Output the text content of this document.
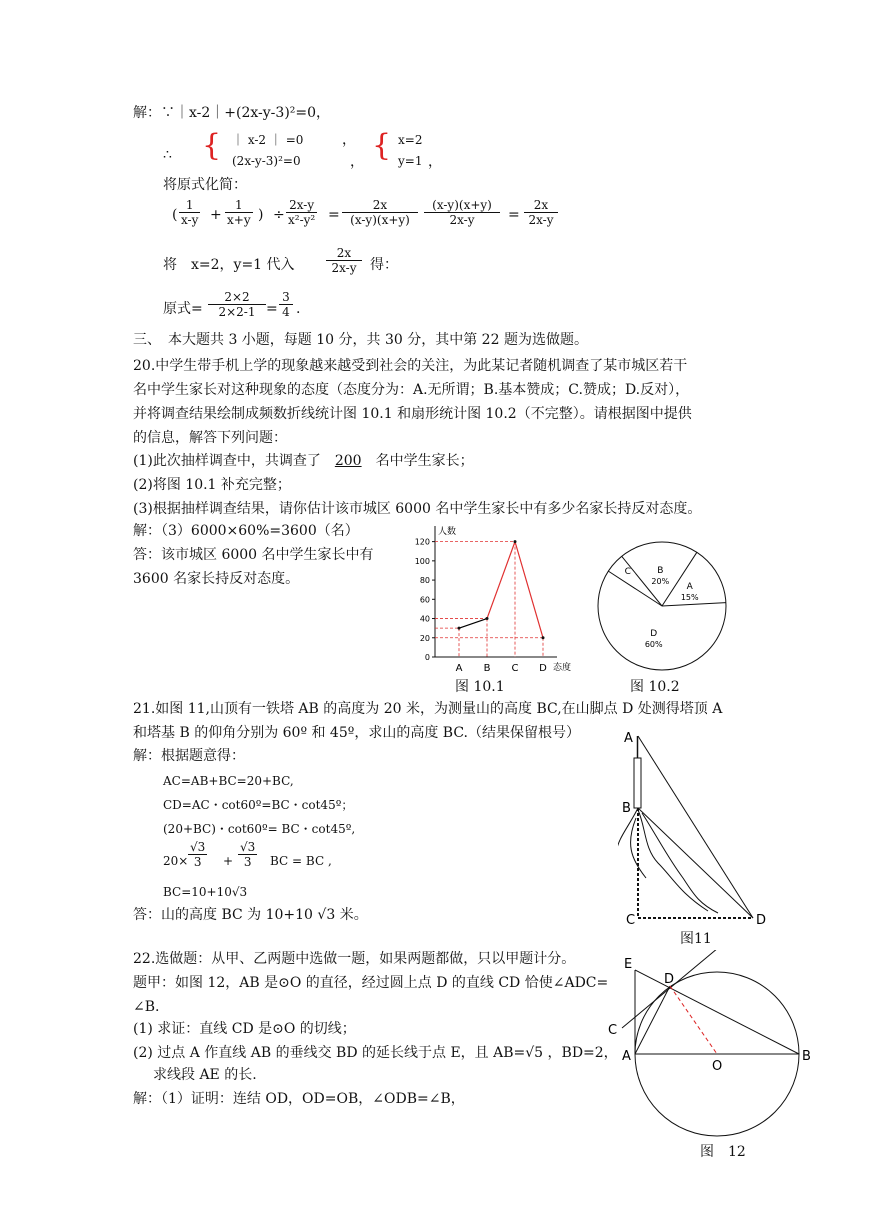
解：∵｜x-2｜+(2x-y-3)²=0，
∴ { ｜ x-2 ｜ =0
(2x-y-3)²=0
，
， { x=2
y=1 ，
将原式化简：
( $\frac{1}{x-y} + \frac{1}{x+y}$ ) ÷ $\frac{2x-y}{\text{x²-y²}} = \frac{2x}{(x-y)(x+y)} \frac{(x-y)(x+y)}{2x-y} = \frac{2x}{2x-y}$
将　x=2，y=1 代入	$\frac{2x}{2x-y}$ 得：
原式= $\frac{2\times 2}{2\times 2-1} = \frac{3}{4}$ .
三、　本大题共 3 小题，每题 10 分，共 30 分，其中第 22 题为选做题。
20.中学生带手机上学的现象越来越受到社会的关注，为此某记者随机调查了某市城区若干
名中学生家长对这种现象的态度（态度分为：A.无所谓；B.基本赞成；C.赞成；D.反对），
并将调查结果绘制成频数折线统计图 10.1 和扇形统计图 10.2（不完整）。请根据图中提供
的信息，解答下列问题：
(1)此次抽样调查中，共调查了 200 名中学生家长；
(2)将图 10.1 补充完整；
(3)根据抽样调查结果，请你估计该市城区 6000 名中学生家长中有多少名家长持反对态度。
解：（3）6000×60%=3600（名）
答：该市城区 6000 名中学生家长中有
3600 名家长持反对态度。
人数
态度
0
20
40
60
80
100
120
A B C D
图 10.1
A
15%
D
60%
C	B
20%
图 10.2
21.如图 11,山顶有一铁塔 AB 的高度为 20 米，为测量山的高度 BC,在山脚点 D 处测得塔顶 A
和塔基 B 的仰角分别为 60º 和 45º，求山的高度 BC.（结果保留根号）
解：根据题意得：
AC=AB+BC=20+BC,
CD=AC・cot60º=BC・cot45º；
(20+BC)・cot60º= BC・cot45º,
$20\times \frac{√3}{3} + \frac{√3}{3}$ BC = BC ,
BC=10+10√3
答：山的高度 BC 为 10+10 √3 米。
A
B
C	D
图11
22.选做题：从甲、乙两题中选做一题，如果两题都做，只以甲题计分。
题甲：如图 12，AB 是⊙O 的直径，经过圆上点 D 的直线 CD 恰使∠ADC=
∠B.
(1) 求证：直线 CD 是⊙O 的切线；
(2) 过点 A 作直线 AB 的垂线交 BD 的延长线于点 E，且 AB=√5 ，BD=2，
求线段 AE 的长.
解：（1）证明：连结 OD，OD=OB，∠ODB=∠B，
E
D
C
A
O
B
图　12
